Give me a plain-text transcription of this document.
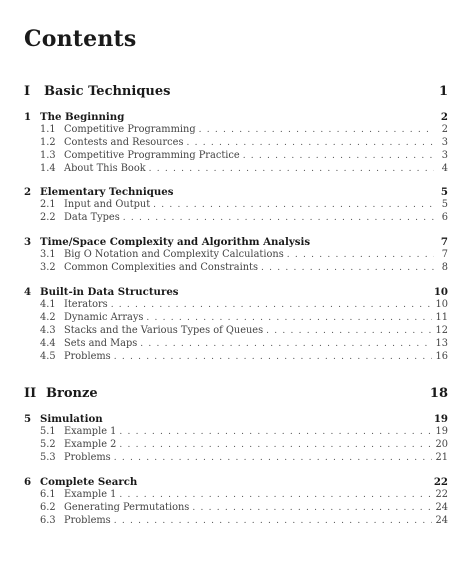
Contents
I Basic Techniques	1
1 The Beginning	2
1.1 Competitive Programming . . .	2
1.2 Contests and Resources . . .	3
1.3 Competitive Programming Practice . . .	3
1.4 About This Book . . .	4
2 Elementary Techniques	5
2.1 Input and Output . . .	5
2.2 Data Types . . .	6
3 Time/Space Complexity and Algorithm Analysis	7
3.1 Big O Notation and Complexity Calculations . . .	7
3.2 Common Complexities and Constraints . . .	8
4 Built-in Data Structures	10
4.1 Iterators . . .	10
4.2 Dynamic Arrays . . .	11
4.3 Stacks and the Various Types of Queues . . .	12
4.4 Sets and Maps . . .	13
4.5 Problems . . .	16
II Bronze	18
5 Simulation	19
5.1 Example 1 . . .	19
5.2 Example 2 . . .	20
5.3 Problems . . .	21
6 Complete Search	22
6.1 Example 1 . . .	22
6.2 Generating Permutations . . .	24
6.3 Problems . . .	24
